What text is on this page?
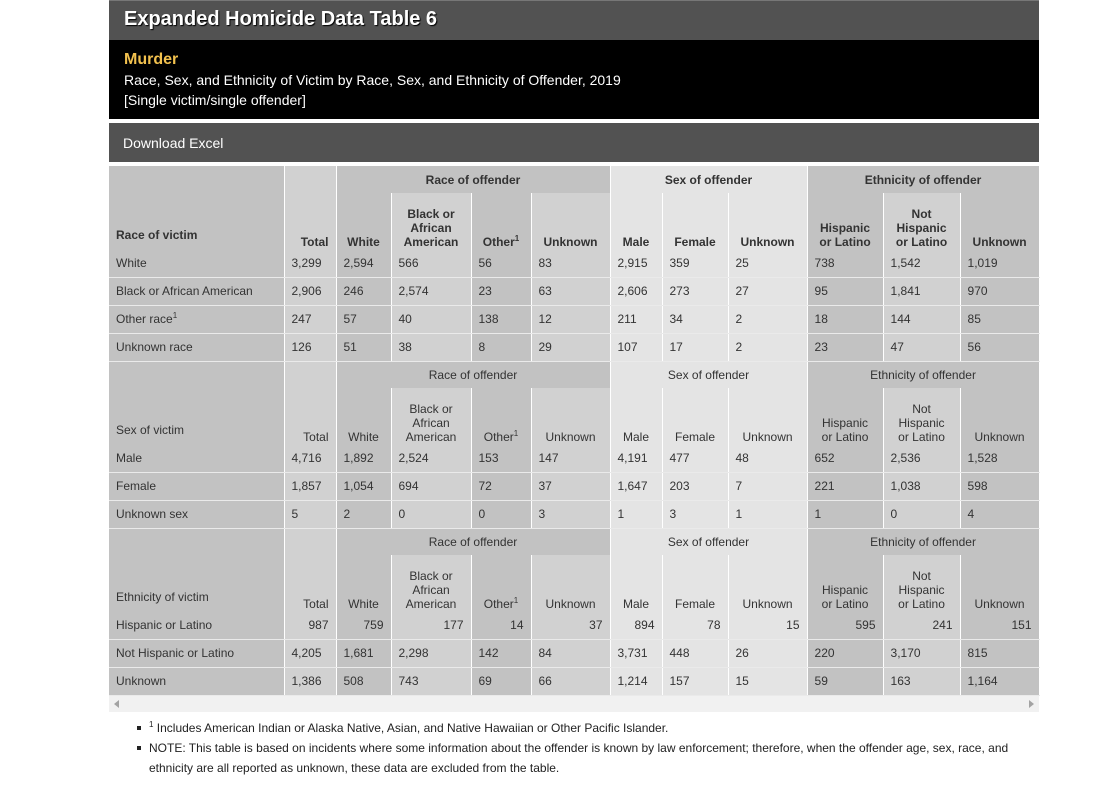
Expanded Homicide Data Table 6
Murder
Race, Sex, and Ethnicity of Victim by Race, Sex, and Ethnicity of Offender, 2019
[Single victim/single offender]
Download Excel
Race of victim		Race of offender				Sex of offender			Ethnicity of offender		
	Total	White	Black or
African
American	Other$^1$	Unknown	Male	Female	Unknown	Hispanic
or Latino	Not
Hispanic
or Latino	Unknown
White	3,299	2,594	566	56	83	2,915	359	25	738	1,542	1,019
Black or African American	2,906	246	2,574	23	63	2,606	273	27	95	1,841	970
Other race$^1$	247	57	40	138	12	211	34	2	18	144	85
Unknown race	126	51	38	8	29	107	17	2	23	47	56
Sex of victim		Race of offender				Sex of offender			Ethnicity of offender		
	Total	White	Black or
African
American	Other$^1$	Unknown	Male	Female	Unknown	Hispanic
or Latino	Not
Hispanic
or Latino	Unknown
Male	4,716	1,892	2,524	153	147	4,191	477	48	652	2,536	1,528
Female	1,857	1,054	694	72	37	1,647	203	7	221	1,038	598
Unknown sex	5	2	0	0	3	1	3	1	1	0	4
Ethnicity of victim		Race of offender				Sex of offender			Ethnicity of offender		
	Total	White	Black or
African
American	Other$^1$	Unknown	Male	Female	Unknown	Hispanic
or Latino	Not
Hispanic
or Latino	Unknown
Hispanic or Latino	987	759	177	14	37	894	78	15	595	241	151
Not Hispanic or Latino	4,205	1,681	2,298	142	84	3,731	448	26	220	3,170	815
Unknown	1,386	508	743	69	66	1,214	157	15	59	163	1,164
$^1$ Includes American Indian or Alaska Native, Asian, and Native Hawaiian or Other Pacific Islander.
NOTE: This table is based on incidents where some information about the offender is known by law enforcement; therefore, when the offender age, sex, race, and ethnicity are all reported as unknown, these data are excluded from the table.
